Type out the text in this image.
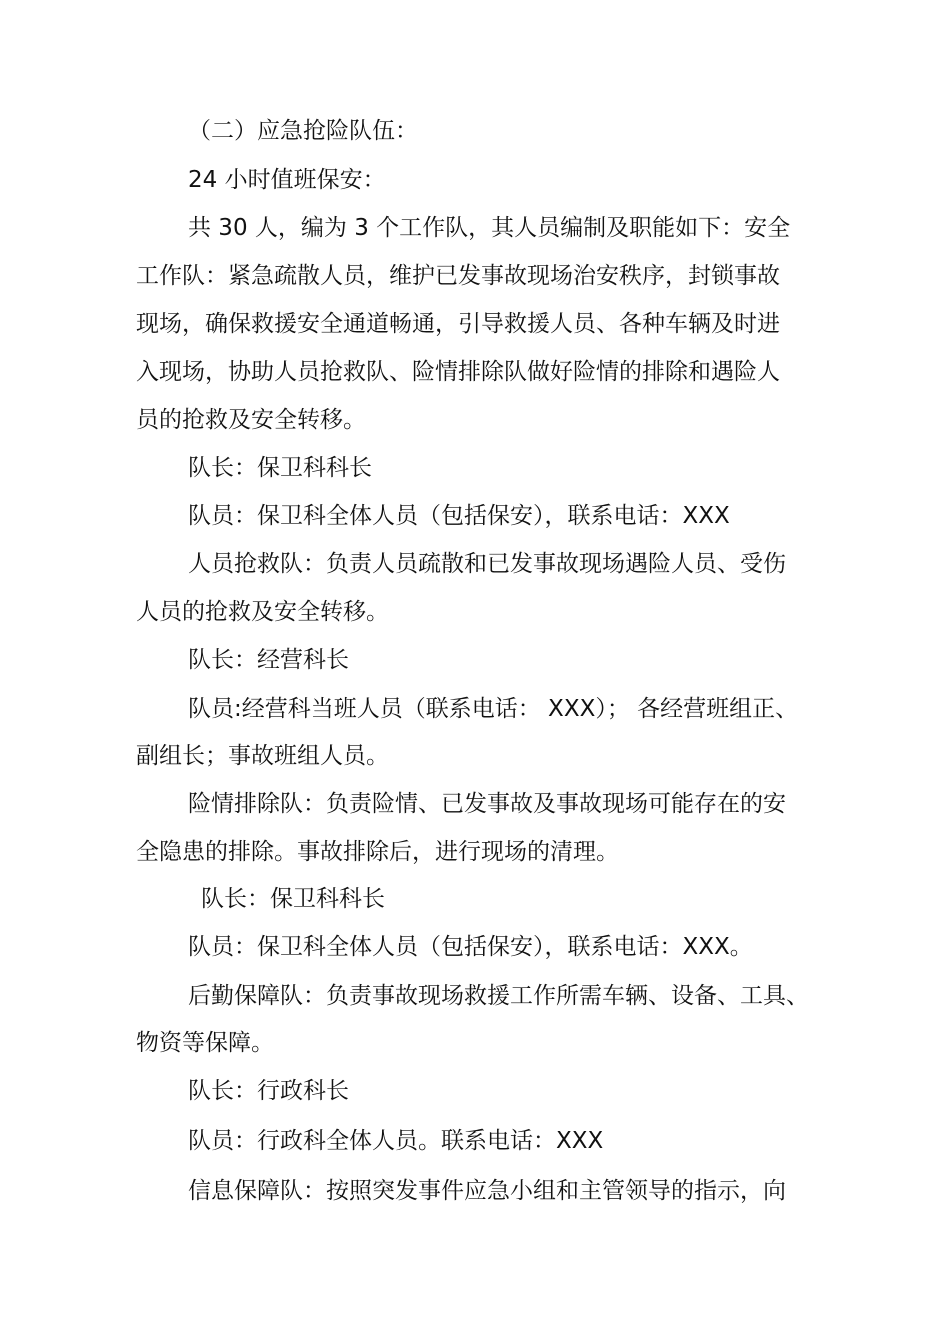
（二）应急抢险队伍：
24 小时值班保安：
共 30 人，编为 3 个工作队，其人员编制及职能如下：安全
工作队：紧急疏散人员，维护已发事故现场治安秩序，封锁事故
现场，确保救援安全通道畅通，引导救援人员、各种车辆及时进
入现场，协助人员抢救队、险情排除队做好险情的排除和遇险人
员的抢救及安全转移。
队长：保卫科科长
队员：保卫科全体人员（包括保安），联系电话：XXX
人员抢救队：负责人员疏散和已发事故现场遇险人员、受伤
人员的抢救及安全转移。
队长：经营科长
队员:经营科当班人员（联系电话： XXX）； 各经营班组正、
副组长；事故班组人员。
险情排除队：负责险情、已发事故及事故现场可能存在的安
全隐患的排除。事故排除后，进行现场的清理。
队长：保卫科科长
队员：保卫科全体人员（包括保安），联系电话：XXX。
后勤保障队：负责事故现场救援工作所需车辆、设备、工具、
物资等保障。
队长：行政科长
队员：行政科全体人员。联系电话：XXX
信息保障队：按照突发事件应急小组和主管领导的指示，向
